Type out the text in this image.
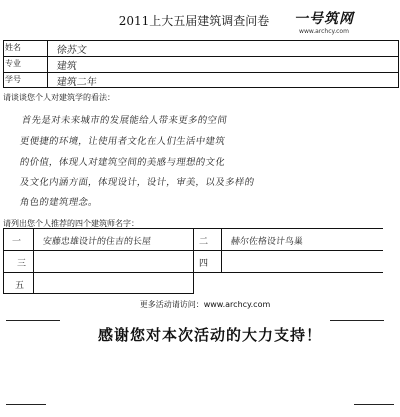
2011上大五届建筑调查问卷	一号筑网
www.archcy.com
姓名
专业
学号
徐苏文
建筑
建筑二年
请谈谈您个人对建筑学的看法：
首先是对未来城市的发展能给人带来更多的空间
更便捷的环境，让使用者文化在人们生活中建筑
的价值，体现人对建筑空间的美感与理想的文化
及文化内涵方面，体现设计，设计，审美，以及多样的
角色的建筑理念。
请列出您个人推荐的四个建筑师名字：
一
三
五
二
四
安藤忠雄设计的住吉的长屋	赫尔佐格设计鸟巢
更多活动请访问：www.archcy.com
感谢您对本次活动的大力支持！
